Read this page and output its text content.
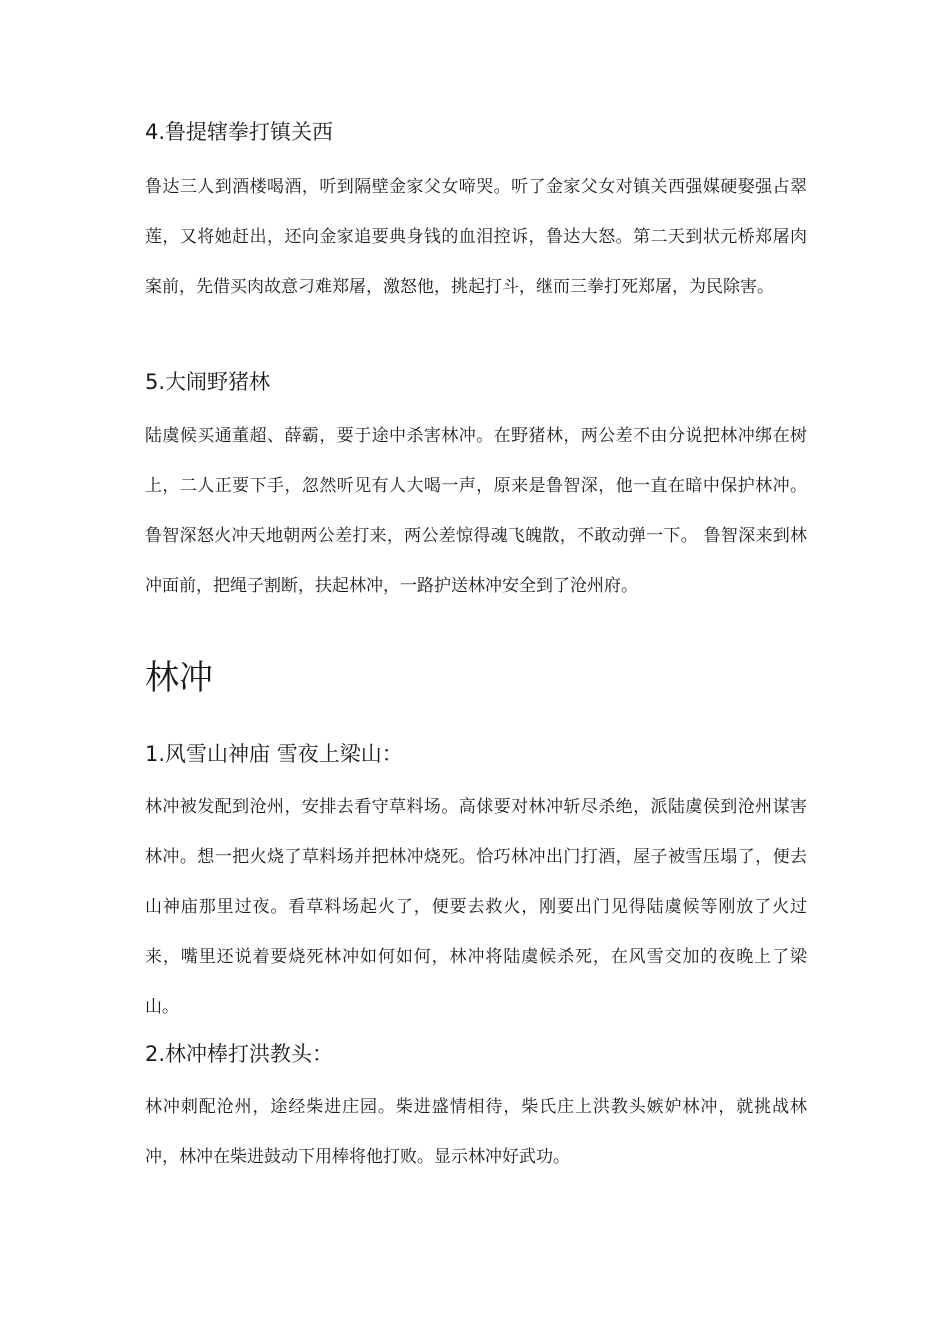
4.鲁提辖拳打镇关西
鲁达三人到酒楼喝酒，听到隔壁金家父女啼哭。听了金家父女对镇关西强媒硬娶强占翠莲，又将她赶出，还向金家追要典身钱的血泪控诉，鲁达大怒。第二天到状元桥郑屠肉案前，先借买肉故意刁难郑屠，激怒他，挑起打斗，继而三拳打死郑屠，为民除害。
5.大闹野猪林
陆虞候买通董超、薛霸，要于途中杀害林冲。在野猪林，两公差不由分说把林冲绑在树上，二人正要下手，忽然听见有人大喝一声，原来是鲁智深，他一直在暗中保护林冲。鲁智深怒火冲天地朝两公差打来，两公差惊得魂飞魄散，不敢动弹一下。 鲁智深来到林冲面前，把绳子割断，扶起林冲，一路护送林冲安全到了沧州府。
林冲
1.风雪山神庙 雪夜上梁山：
林冲被发配到沧州，安排去看守草料场。高俅要对林冲斩尽杀绝，派陆虞侯到沧州谋害林冲。想一把火烧了草料场并把林冲烧死。恰巧林冲出门打酒，屋子被雪压塌了，便去山神庙那里过夜。看草料场起火了，便要去救火，刚要出门见得陆虞候等刚放了火过来，嘴里还说着要烧死林冲如何如何，林冲将陆虞候杀死，在风雪交加的夜晚上了梁山。
2.林冲棒打洪教头：
林冲刺配沧州，途经柴进庄园。柴进盛情相待，柴氏庄上洪教头嫉妒林冲，就挑战林冲，林冲在柴进鼓动下用棒将他打败。显示林冲好武功。
